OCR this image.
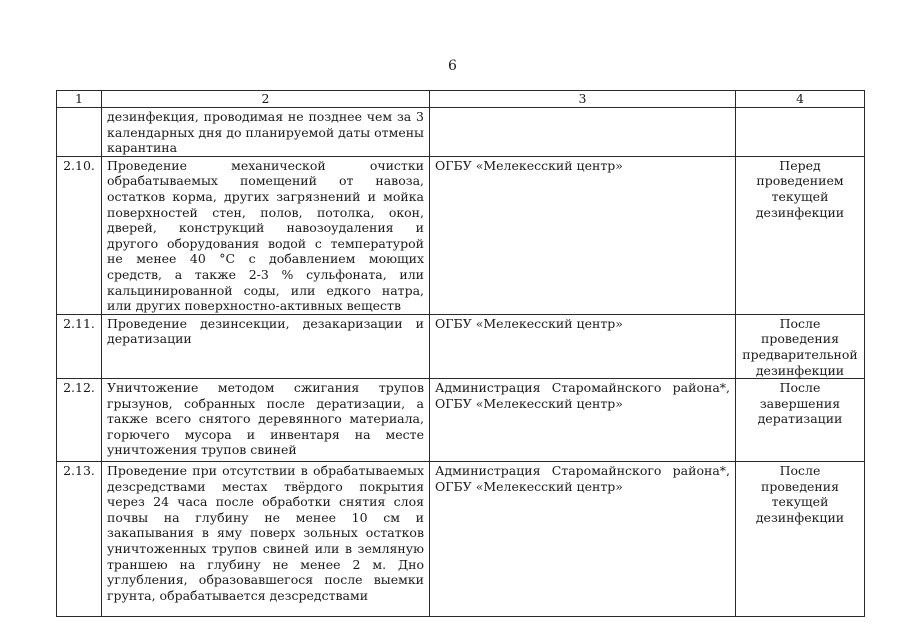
6
1	2	3	4
	дезинфекция, проводимая не позднее чем за 3 календарных дня до планируемой даты отмены карантина		
2.10.	Проведение механической очистки обрабатываемых помещений от навоза, остатков корма, других загрязнений и мойка поверхностей стен, полов, потолка, окон, дверей, конструкций навозоудаления и другого оборудования водой с температурой не менее 40 °С с добавлением моющих средств, а также 2-3 % сульфоната, или кальцинированной соды, или едкого натра, или других поверхностно-активных веществ	ОГБУ «Мелекесский центр»	Перед проведением текущей дезинфекции
2.11.	Проведение дезинсекции, дезакаризации и дератизации	ОГБУ «Мелекесский центр»	После проведения предварительной дезинфекции
2.12.	Уничтожение методом сжигания трупов грызунов, собранных после дератизации, а также всего снятого деревянного материала, горючего мусора и инвентаря на месте уничтожения трупов свиней	Администрация Старомайнского района*, ОГБУ «Мелекесский центр»	После завершения дератизации
2.13.	Проведение при отсутствии в обрабатываемых дезсредствами местах твёрдого покрытия через 24 часа после обработки снятия слоя почвы на глубину не менее 10 см и закапывания в яму поверх зольных остатков уничтоженных трупов свиней или в земляную траншею на глубину не менее 2 м. Дно углубления, образовавшегося после выемки грунта, обрабатывается дезсредствами	Администрация Старомайнского района*, ОГБУ «Мелекесский центр»	После проведения текущей дезинфекции
